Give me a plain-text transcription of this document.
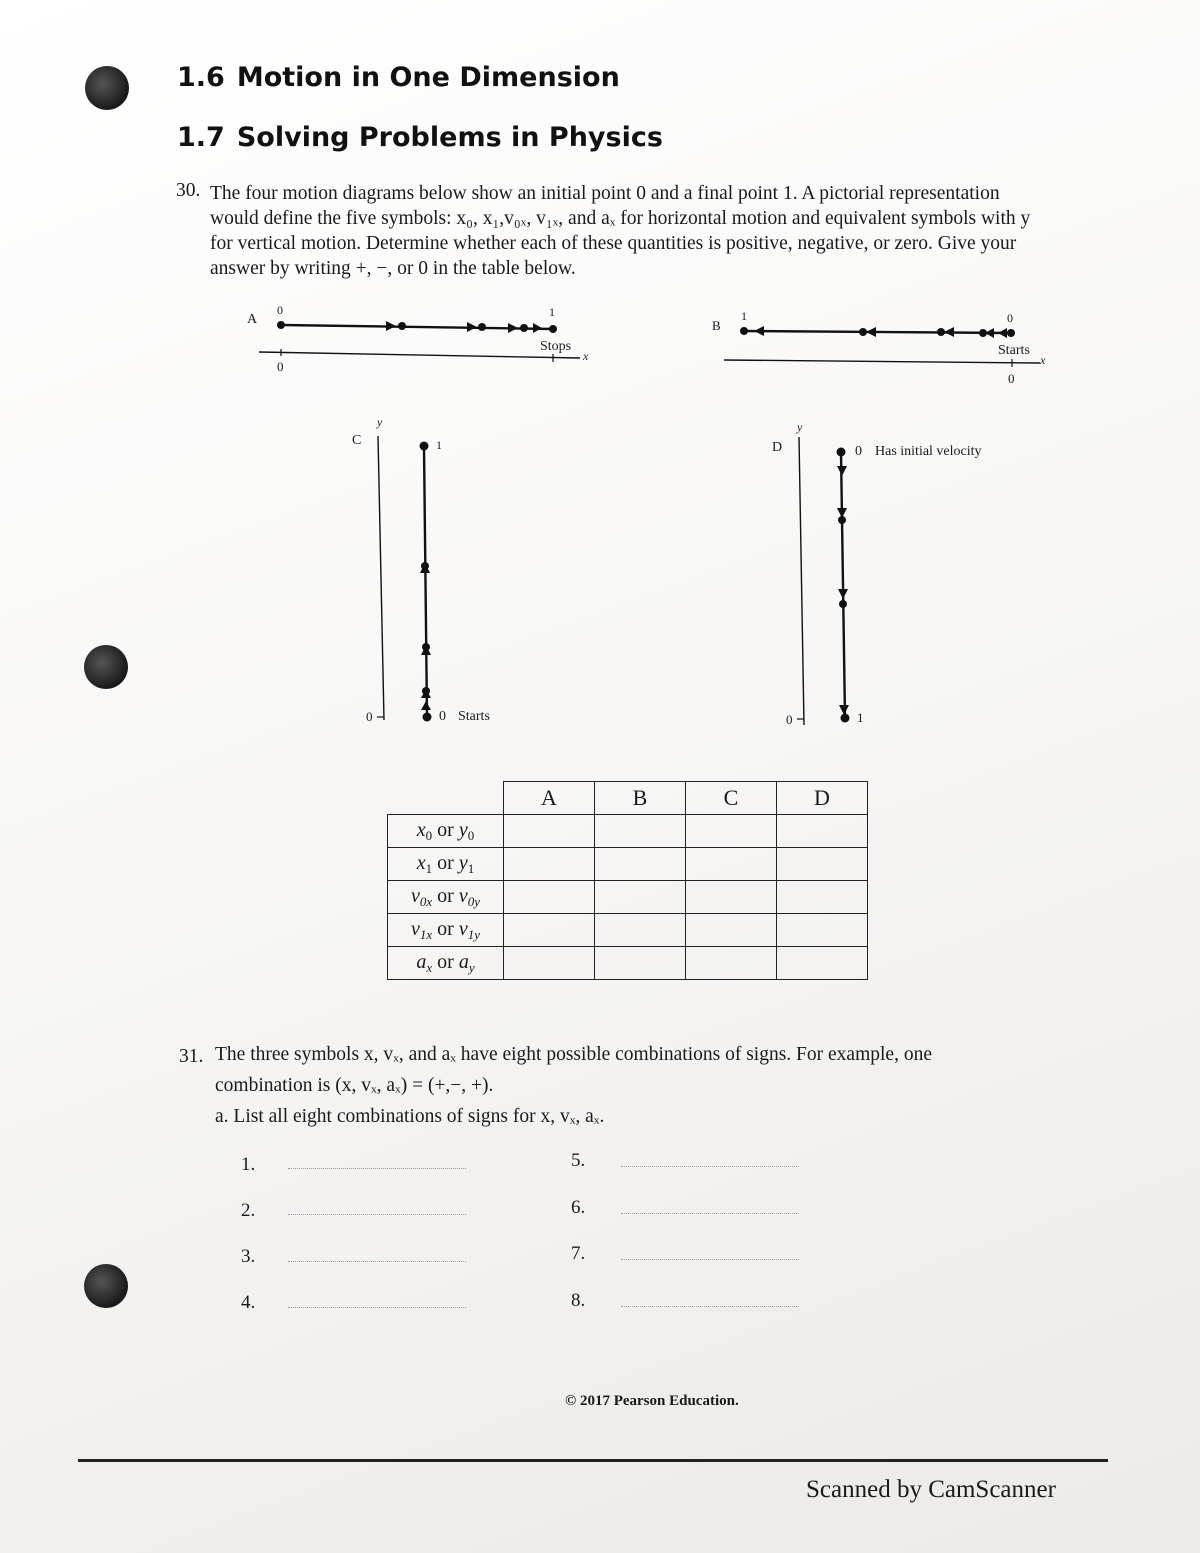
1.6 Motion in One Dimension
1.7 Solving Problems in Physics
30. The four motion diagrams below show an initial point 0 and a final point 1. A pictorial representation
would define the five symbols: x₀, x₁,v₀ₓ, v₁ₓ, and aₓ for horizontal motion and equivalent symbols with y
for vertical motion. Determine whether each of these quantities is positive, negative, or zero. Give your
answer by writing +, −, or 0 in the table below.
A
0	1
Stops
x
0
B
1	0
Starts
x
0
C
y
1
0 Starts
0
D
y
0 Has initial velocity
1
0
	A	B	C	D
$x_0$ or $y_0$				
$x_1$ or $y_1$				
$v_{0x}$ or $v_{0y}$				
$v_{1x}$ or $v_{1y}$				
$a_x$ or $a_y$				
31. The three symbols x, vₓ, and aₓ have eight possible combinations of signs. For example, one
combination is (x, vₓ, aₓ) = (+,−, +).
a. List all eight combinations of signs for x, vₓ, aₓ.
1.
2.
3.
4.
5.
6.
7.
8.
© 2017 Pearson Education.
Scanned by CamScanner
